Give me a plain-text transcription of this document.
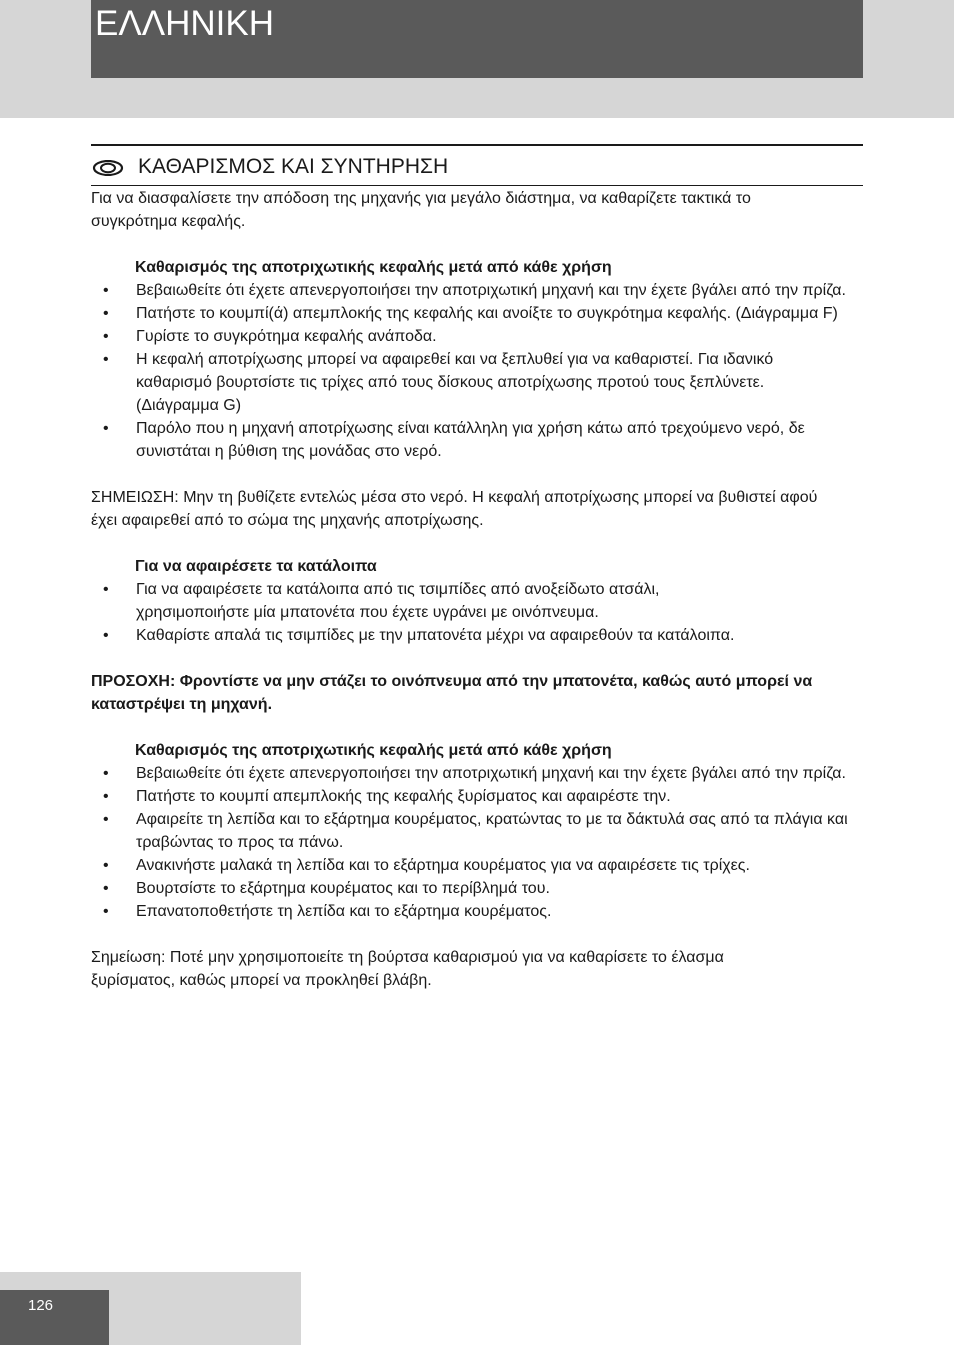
ΕΛΛΗΝΙΚΗ
ΚΑΘΑΡΙΣΜΟΣ ΚΑΙ ΣΥΝΤΗΡΗΣΗ

Για να διασφαλίσετε την απόδοση της μηχανής για μεγάλο διάστημα, να καθαρίζετε τακτικά το συγκρότημα κεφαλής.

Καθαρισμός της αποτριχωτικής κεφαλής μετά από κάθε χρήση

• Βεβαιωθείτε ότι έχετε απενεργοποιήσει την αποτριχωτική μηχανή και την έχετε βγάλει από την πρίζα.
• Πατήστε το κουμπί(ά) απεμπλοκής της κεφαλής και ανοίξτε το συγκρότημα κεφαλής. (Διάγραμμα F)
• Γυρίστε το συγκρότημα κεφαλής ανάποδα.
• Η κεφαλή αποτρίχωσης μπορεί να αφαιρεθεί και να ξεπλυθεί για να καθαριστεί. Για ιδανικό καθαρισμό βουρτσίστε τις τρίχες από τους δίσκους αποτρίχωσης προτού τους ξεπλύνετε. (Διάγραμμα G)
• Παρόλο που η μηχανή αποτρίχωσης είναι κατάλληλη για χρήση κάτω από τρεχούμενο νερό, δε συνιστάται η βύθιση της μονάδας στο νερό.

ΣΗΜΕΙΩΣΗ: Μην τη βυθίζετε εντελώς μέσα στο νερό. Η κεφαλή αποτρίχωσης μπορεί να βυθιστεί αφού έχει αφαιρεθεί από το σώμα της μηχανής αποτρίχωσης.

Για να αφαιρέσετε τα κατάλοιπα

• Για να αφαιρέσετε τα κατάλοιπα από τις τσιμπίδες από ανοξείδωτο ατσάλι, χρησιμοποιήστε μία μπατονέτα που έχετε υγράνει με οινόπνευμα.
• Καθαρίστε απαλά τις τσιμπίδες με την μπατονέτα μέχρι να αφαιρεθούν τα κατάλοιπα.

ΠΡΟΣΟΧΗ: Φροντίστε να μην στάζει το οινόπνευμα από την μπατονέτα, καθώς αυτό μπορεί να καταστρέψει τη μηχανή.

Καθαρισμός της αποτριχωτικής κεφαλής μετά από κάθε χρήση

• Βεβαιωθείτε ότι έχετε απενεργοποιήσει την αποτριχωτική μηχανή και την έχετε βγάλει από την πρίζα.
• Πατήστε το κουμπί απεμπλοκής της κεφαλής ξυρίσματος και αφαιρέστε την.
• Αφαιρείτε τη λεπίδα και το εξάρτημα κουρέματος, κρατώντας το με τα δάκτυλά σας από τα πλάγια και τραβώντας το προς τα πάνω.
• Ανακινήστε μαλακά τη λεπίδα και το εξάρτημα κουρέματος για να αφαιρέσετε τις τρίχες.
• Βουρτσίστε το εξάρτημα κουρέματος και το περίβλημά του.
• Επανατοποθετήστε τη λεπίδα και το εξάρτημα κουρέματος.

Σημείωση: Ποτέ μην χρησιμοποιείτε τη βούρτσα καθαρισμού για να καθαρίσετε το έλασμα ξυρίσματος, καθώς μπορεί να προκληθεί βλάβη.

126
